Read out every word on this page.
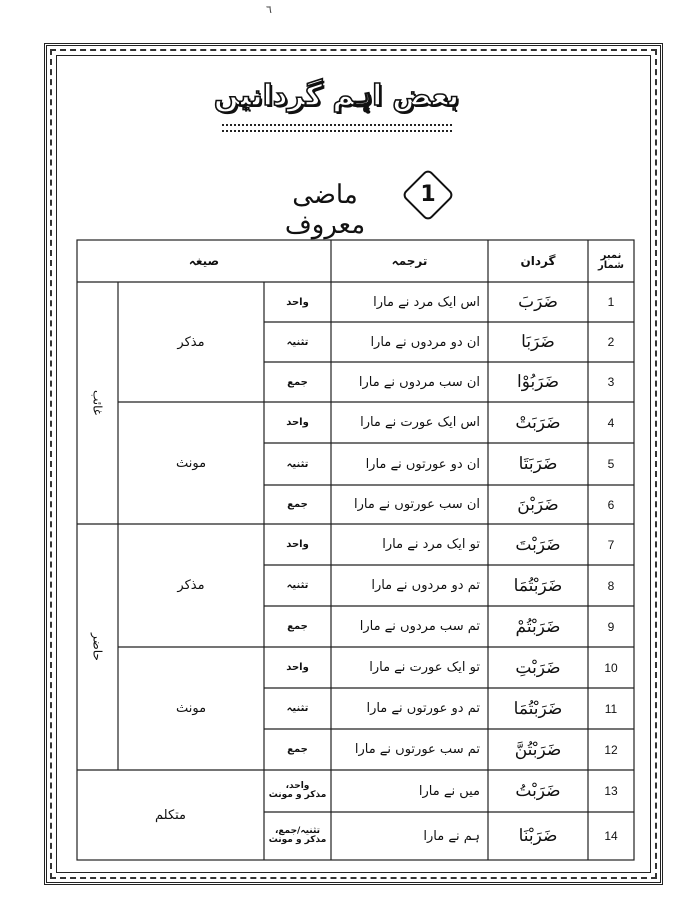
٦
بعض اہم گردانیں
1
ماضی معروف
نمبر شمار
گردان
ترجمہ
صیغہ
غائب
حاضر
مذکر
مونث
مذکر
مونث
متکلم
1
ضَرَبَ
اس ایک مرد نے مارا
واحد
2
ضَرَبَا
ان دو مردوں نے مارا
تثنیہ
3
ضَرَبُوْا
ان سب مردوں نے مارا
جمع
4
ضَرَبَتْ
اس ایک عورت نے مارا
واحد
5
ضَرَبَتَا
ان دو عورتوں نے مارا
تثنیہ
6
ضَرَبْنَ
ان سب عورتوں نے مارا
جمع
7
ضَرَبْتَ
تو ایک مرد نے مارا
واحد
8
ضَرَبْتُمَا
تم دو مردوں نے مارا
تثنیہ
9
ضَرَبْتُمْ
تم سب مردوں نے مارا
جمع
10
ضَرَبْتِ
تو ایک عورت نے مارا
واحد
11
ضَرَبْتُمَا
تم دو عورتوں نے مارا
تثنیہ
12
ضَرَبْتُنَّ
تم سب عورتوں نے مارا
جمع
13
ضَرَبْتُ
میں نے مارا
واحد،
مذکر و مونث
14
ضَرَبْنَا
ہم نے مارا
تثنیہ/جمع،
مذکر و مونث
